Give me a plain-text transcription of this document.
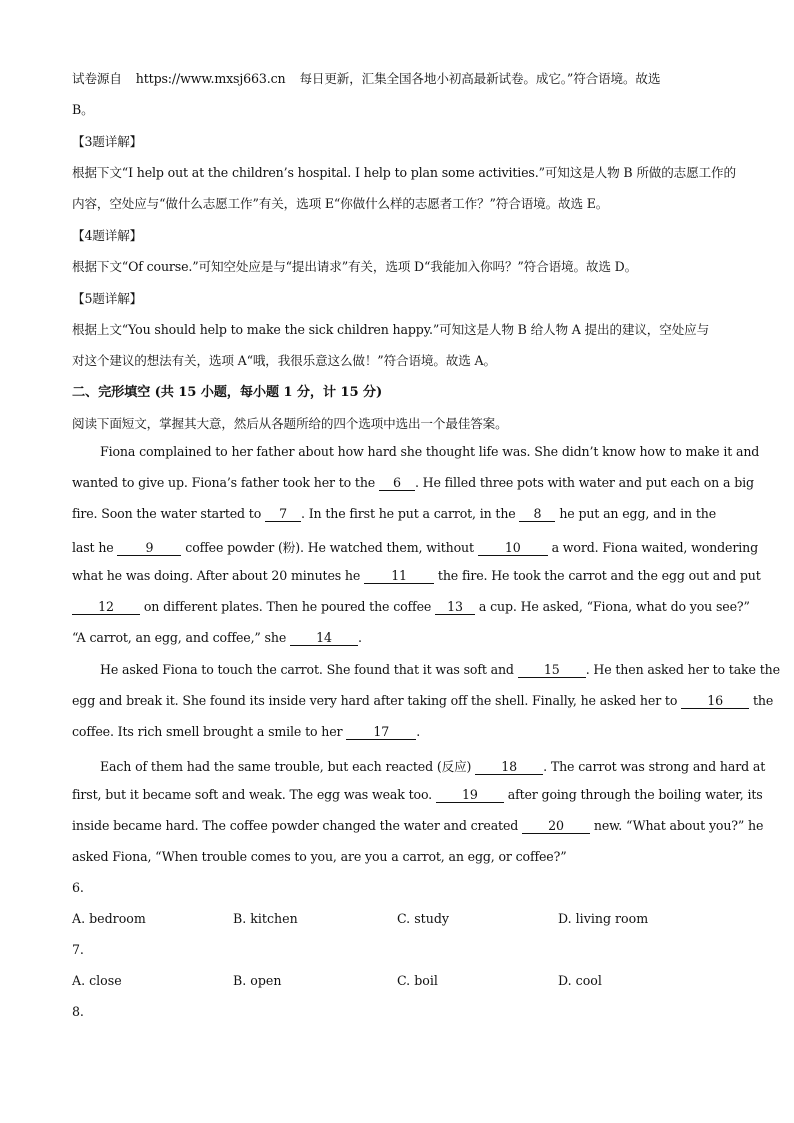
试卷源自 https://www.mxsj663.cn 每日更新，汇集全国各地小初高最新试卷。成它。”符合语境。故选
B。
【3题详解】
根据下文“I help out at the children’s hospital. I help to plan some activities.”可知这是人物 B 所做的志愿工作的
内容，空处应与“做什么志愿工作”有关，选项 E“你做什么样的志愿者工作？”符合语境。故选 E。
【4题详解】
根据下文“Of course.”可知空处应是与“提出请求”有关，选项 D“我能加入你吗？”符合语境。故选 D。
【5题详解】
根据上文“You should help to make the sick children happy.”可知这是人物 B 给人物 A 提出的建议，空处应与
对这个建议的想法有关，选项 A“哦，我很乐意这么做！”符合语境。故选 A。
二、完形填空 (共 15 小题，每小题 1 分，计 15 分)
阅读下面短文，掌握其大意，然后从各题所给的四个选项中选出一个最佳答案。
Fiona complained to her father about how hard she thought life was. She didn’t know how to make it and
wanted to give up. Fiona’s father took her to the 6 . He filled three pots with water and put each on a big
fire. Soon the water started to 7 . In the first he put a carrot, in the 8 he put an egg, and in the
last he 9 coffee powder (粉). He watched them, without 10 a word. Fiona waited, wondering
what he was doing. After about 20 minutes he 11 the fire. He took the carrot and the egg out and put
12 on different plates. Then he poured the coffee 13 a cup. He asked, “Fiona, what do you see?”
“A carrot, an egg, and coffee,” she 14 .
He asked Fiona to touch the carrot. She found that it was soft and 15 . He then asked her to take the
egg and break it. She found its inside very hard after taking off the shell. Finally, he asked her to 16 the
coffee. Its rich smell brought a smile to her 17 .
Each of them had the same trouble, but each reacted (反应) 18 . The carrot was strong and hard at
first, but it became soft and weak. The egg was weak too. 19 after going through the boiling water, its
inside became hard. The coffee powder changed the water and created 20 new. “What about you?” he
asked Fiona, “When trouble comes to you, are you a carrot, an egg, or coffee?”
6.
A. bedroom	B. kitchen	C. study	D. living room
7.
A. close	B. open	C. boil	D. cool
8.
